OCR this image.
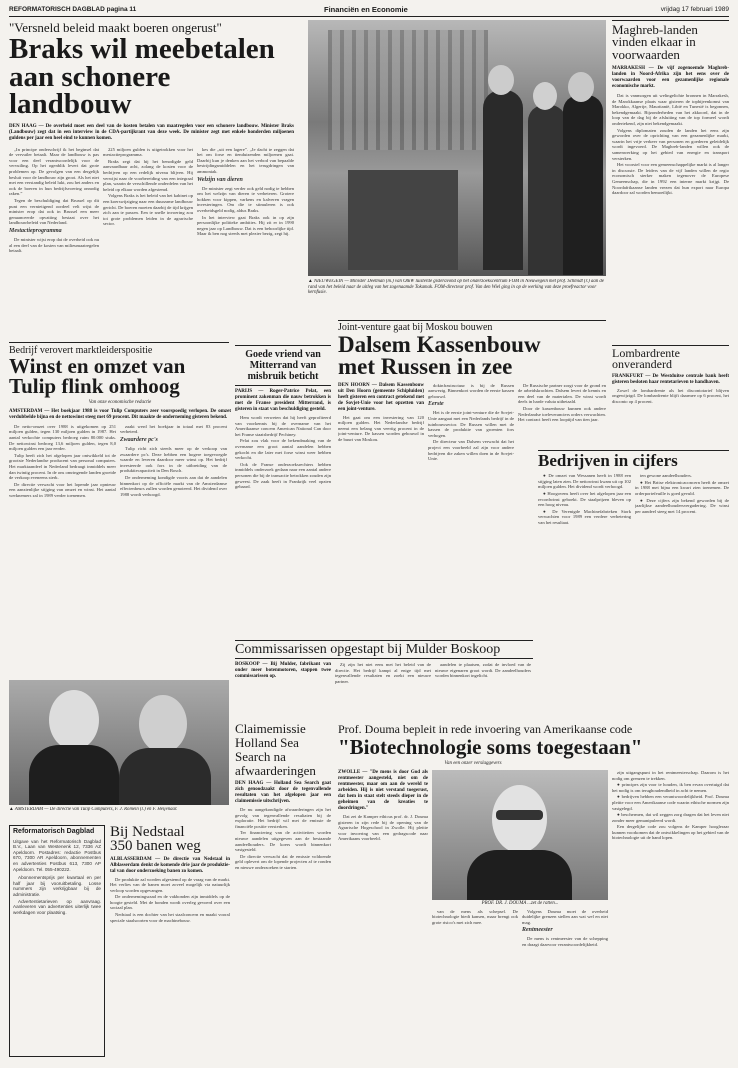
REFORMATORISCH DAGBLAD pagina 11	Financiën en Economie	vrijdag 17 februari 1989
"Versneld beleid maakt boeren ongerust"
Braks wil meebetalen
aan schonere landbouw
DEN HAAG — De overheid moet een deel van de kosten betalen van maatregelen voor een schonere landbouw. Minister Braks (Landbouw) zegt dat in een interview in de CDA-partijkrant van deze week. De minister zegt met enkele honderden miljoenen guldens per jaar een heel eind te kunnen komen.

„In principe onderschrijf ik het beginsel dat de vervuiler betaalt. Maar de landbouw is pas voor een deel verantwoordelijk voor de vervuiling. Op het ogenblik levert dat grote problemen op. De gevolgen van een dergelijk besluit voor de landbouw zijn groot. Als het niet met een verstandig beleid lukt, zou het anders en ook de boeren in hun bedrijfsvoering onnodig raken.”

Tegen de beschuldiging dat Brussel op dit punt een vernietigend oordeel velt wijst de minister erop dat ook in Brussel een meer genuanceerde opvatting bestaat over het landbouwbeleid van Nederland.

Mestactieprogramma

De minister wijst erop dat de overheid ook nu al een deel van de kosten van milieumaatregelen betaalt.

225 miljoen gulden is uitgetrokken voor het mestactieprogramma.

Braks zegt dat hij het benodigde geld aanvaardbaar acht, zolang de kosten voor de bedrijven op een redelijk niveau blijven. Hij verwijst naar de voorbereiding van een integraal plan, waarin de verschillende onderdelen van het beleid op elkaar worden afgestemd.

Volgens Braks is het beleid van het kabinet op een koerswijziging naar een duurzame landbouw gericht. De boeren moeten daarbij de tijd krijgen zich aan te passen. Een te snelle invoering zou tot grote problemen leiden in de agrarische sector.

kes die „uit een lagere”. „Je dacht te zeggen dat het om forse en tienduizenden miljoenen gaat. Daarbij kun je denken aan het verbod van bepaalde bestrijdingsmiddelen en het terugdringen van ammoniak.

Welzijn van dieren

De minister zegt verder ook geld nodig te hebben om het welzijn van dieren te verbeteren. Grotere hokken voor kippen, varkens en kalveren vragen investeringen. Om die te stimuleren is ook overheidsgeld nodig, aldus Braks.

In het interview gaat Braks ook in op zijn persoonlijke politieke ambities. Hij zit er in 1990 negen jaar op Landbouw. Dat is een behoorlijke tijd. Maar ik ben nog steeds met plezier bezig, zegt hij.

▲ NIEUWEGEIN — Minister Deetman (m.) van O&W luisterde gisteravond op het onderzoekscentrum FOM in Nieuwegein met prof. Schmidt (r.) aan de rand van het beleid naar de uitleg van het zogenaamde Tokamak. FOM-directeur prof. Van den Wiel ging in op de werking van deze proefreactor voor kernfusie.
Maghreb-landen
vinden elkaar in
voorwaarden
MARRAKESH — De vijf zogenoemde Maghreb-landen in Noord-Afrika zijn het eens over de voorwaarden voor een gezamenlijke regionale economische markt.

Dat is vanmorgen uit welingelichte bronnen in Marrakesh, de Marokkaanse plaats waar gisteren de topbijeenkomst van Marokko, Algerije, Mauritanië, Libië en Tunesië is begonnen, bekendgemaakt. Bijzonderheden van het akkoord, dat in de loop van de dag bij de afsluiting van de top formeel wordt ondertekend, zijn niet bekendgemaakt.

Volgens diplomaten zouden de landen het eens zijn geworden over de oprichting van een gezamenlijke markt, waarin het vrije verkeer van personen en goederen geleidelijk wordt ingevoerd. De Maghreb-landen willen ook de samenwerking op het gebied van energie en transport versterken.

Het voorstel voor een gemeenschappelijke markt is al langer in discussie. De leiders van de vijf landen willen de regio economisch sterker maken tegenover de Europese Gemeenschap, die in 1992 een interne markt krijgt. De Noordafrikaanse landen vrezen dat hun export naar Europa daardoor zal worden bemoeilijkt.

Bedrijf verovert marktleiderspositie
Winst en omzet van
Tulip flink omhoog
Van onze economische redactie
AMSTERDAM — Het boekjaar 1988 is voor Tulip Computers zeer voorspoedig verlopen. De omzet verdubbelde bijna en de nettowinst steeg met 69 procent. Dit maakte de onderneming gisteren bekend.

De netto-omzet over 1988 is uitgekomen op 251 miljoen gulden, tegen 130 miljoen gulden in 1987. Het aantal verkochte computers bedroeg ruim 80.000 stuks. De nettowinst bedroeg 13,6 miljoen gulden, tegen 8,0 miljoen gulden een jaar eerder.

Tulip heeft zich het afgelopen jaar ontwikkeld tot de grootste Nederlandse producent van personal computers. Het marktaandeel in Nederland bedraagt inmiddels meer dan twintig procent. In de ons omringende landen groeide de verkoop eveneens sterk.

De directie verwacht voor het lopende jaar opnieuw een aanzienlijke stijging van omzet en winst. Het aantal werknemers zal in 1989 verder toenemen.

zaakt werd het boekjaar in totaal met 83 procent verbeterd.

Zwaardere pc's

Tulip richt zich steeds meer op de verkoop van zwaardere pc's. Deze hebben een hogere toegevoegde waarde en leveren daardoor meer winst op. Het bedrijf investeerde ook fors in de uitbreiding van de produktiecapaciteit in Den Bosch.

De onderneming kondigde voorts aan dat de aandelen binnenkort op de officiële markt van de Amsterdamse effectenbeurs zullen worden genoteerd. Het dividend over 1988 wordt verhoogd.

Goede vriend van Mitterrand van misbruik beticht
PARIJS — Roger-Patrice Pelat, een prominent zakenman die nauw betrokken is met de Franse president Mitterrand, is gisteren in staat van beschuldiging gesteld.

Hem wordt verweten dat hij heeft geprofiteerd van voorkennis bij de overname van het Amerikaanse concern American National Can door het Franse staatsbedrijf Pechiney.

Pelat zou vlak voor de bekendmaking van de overname een groot aantal aandelen hebben gekocht en die later met forse winst weer hebben verkocht.

Ook de Franse onderzoeksrechters hebben inmiddels onderzoek gedaan naar een aantal andere personen die bij de transactie betrokken zouden zijn geweest. De zaak heeft in Frankrijk veel opzien gebaard.

Joint-venture gaat bij Moskou bouwen
Dalsem Kassenbouw
met Russen in zee
DEN HOORN — Dalsem Kassenbouw uit Den Hoorn (gemeente Schipluiden) heeft gisteren een contract getekend met de Sovjet-Unie voor het opzetten van een joint-venture.

Het gaat om een investering van 120 miljoen gulden. Het Nederlandse bedrijf neemt een belang van veertig procent in de joint-venture. De kassen worden gebouwd in de buurt van Moskou.

dokinfrastructuur is bij de Russen aanwezig. Binnenkort worden de eerste kassen gebouwd.

Eerste

Het is de eerste joint-venture die de Sovjet-Unie aangaat met een Nederlands bedrijf in de tuinbouwsector. De Russen willen met de kassen de produktie van groenten fors verhogen.

De directeur van Dalsem verwacht dat het project een voorbeeld zal zijn voor andere bedrijven die zaken willen doen in de Sovjet-Unie.

De Russische partner zorgt voor de grond en de arbeidskrachten. Dalsem levert de kennis en een deel van de materialen. De winst wordt deels in harde valuta uitbetaald.

Door de kassenbouw kunnen ook andere Nederlandse toeleveranciers orders verwachten. Het contract heeft een looptijd van tien jaar.

Lombardrente onveranderd
FRANKFURT — De Westduitse centrale bank heeft gisteren besloten haar rentetarieven te handhaven.

Zowel de lombardrente als het discontotarief blijven ongewijzigd. De lombardrente blijft daarmee op 6 procent, het disconto op 4 procent.

Bedrijven in cijfers

● De omzet van Wessanen heeft in 1988 een stijging laten zien. De nettowinst kwam uit op 102 miljoen gulden. Het dividend wordt verhoogd.

● Hoogovens heeft over het afgelopen jaar een recordwinst geboekt. De staalprijzen bleven op een hoog niveau.

● De Verenigde Machinefabrieken Stork verwachten voor 1989 een verdere verbetering van het resultaat.

ten gewone aandeelhouders.

● Het Britse elektronicaconcern heeft de omzet in 1988 met bijna een kwart zien toenemen. De orderportefeuille is goed gevuld.

● Deze cijfers zijn bekend geworden bij de jaarlijkse aandeelhoudersvergadering. De winst per aandeel steeg met 14 procent.

▲ AMSTERDAM — De directie van Tulip Computers, F. J. Romein (l.) en F. Heijenaar.
Commissarissen opgestapt bij Mulder Boskoop
BOSKOOP — Bij Mulder, fabrikant van onder meer botenmotoren, stappen twee commissarissen op.

Zij zijn het niet eens met het beleid van de directie. Het bedrijf kampt al enige tijd met tegenvallende resultaten en zoekt een nieuwe partner.

aandelen te plaatsen, zodat de invloed van de nieuwe eigenaren groot wordt. De aandeelhouders worden binnenkort ingelicht.

Claimemissie Holland Sea Search na afwaarderingen
DEN HAAG — Holland Sea Search gaat zich genoodzaakt door de tegenvallende resultaten van het afgelopen jaar een claimemissie uitschrijven.

De nu aangekondigde afwaarderingen zijn het gevolg van tegenvallende resultaten bij de exploratie. Het bedrijf wil met de emissie de financiële positie versterken.

Ter financiering van de activiteiten worden nieuwe aandelen uitgegeven aan de bestaande aandeelhouders. De koers wordt binnenkort vastgesteld.

De directie verwacht dat de emissie voldoende geld oplevert om de lopende projecten af te ronden en nieuwe onderzoeken te starten.

Bij Nedstaal
350 banen weg
ALBLASSERDAM — De directie van Nedstaal in Alblasserdam denkt de komende drie jaar de produktie- tal van door onderzoeking banen zo komen.

De produktie zal worden afgestemd op de vraag van de markt. Het verlies van de banen moet zoveel mogelijk via natuurlijk verloop worden opgevangen.

De ondernemingsraad en de vakbonden zijn inmiddels op de hoogte gesteld. Met de bonden wordt overleg gevoerd over een sociaal plan.

Nedstaal is een dochter van het staalconcern en maakt vooral speciale staalsoorten voor de machinebouw.

Reformatorisch Dagblad
Uitgave van het Reformatorisch Dagblad B.V., Laan van Westenenk 12, 7336 AZ Apeldoorn. Postadres: redactie Postbus 670, 7300 AR Apeldoorn, abonnementen en advertenties Postbus 613, 7300 AP Apeldoorn. Tel. 055-490222.

Abonnementsprijs per kwartaal en per half jaar bij vooruitbetaling. Losse nummers zijn verkrijgbaar bij de administratie.

Advertentietarieven op aanvraag. Aanleveren van advertenties uiterlijk twee werkdagen voor plaatsing.

Prof. Douma bepleit in rede invoering van Amerikaanse code
"Biotechnologie soms toegestaan"
Van een onzer verslaggevers
ZWOLLE — "De mens is door God als rentmeester aangesteld, niet om de rentmeester, maar om aan de wereld te arbeiden. Hij is niet verstand toegerust, dat hem in staat stelt steeds dieper in de geheimen van de kreaties te doordringen."

Dat zei de Kamper ethicus prof. dr. J. Douma gisteren in zijn rede bij de opening van de Agrarische Hogeschool in Zwolle. Hij pleitte voor invoering van een gedragscode naar Amerikaans voorbeeld.

PROF. DR. J. DOUMA ...zet de ratten...

van de mens als schepsel. De biotechnologie biedt kansen, maar brengt ook grote risico's met zich mee.

Volgens Douma moet de overheid duidelijke grenzen stellen aan wat wel en niet mag.

Rentmeester

De mens is rentmeester van de schepping en draagt daarvoor verantwoordelijkheid.

zijn uitgangspunt in het rentmeesterschap. Daarom is het nodig om grenzen te trekken.

● principes zijn voor te houden, ik ben ervan overtuigd dat het nodig is om terughoudendheid in acht te nemen.

● bedrijven hebben een verantwoordelijkheid. Prof. Douma pleitte voor een Amerikaanse code waarin ethische normen zijn vastgelegd.

● beschermen, dat wil zeggen zorg dragen dat het leven niet zonder meer gemanipuleerd wordt.

Een dergelijke code zou volgens de Kamper hoogleraar kunnen voorkomen dat de ontwikkelingen op het gebied van de biotechnologie uit de hand lopen.
